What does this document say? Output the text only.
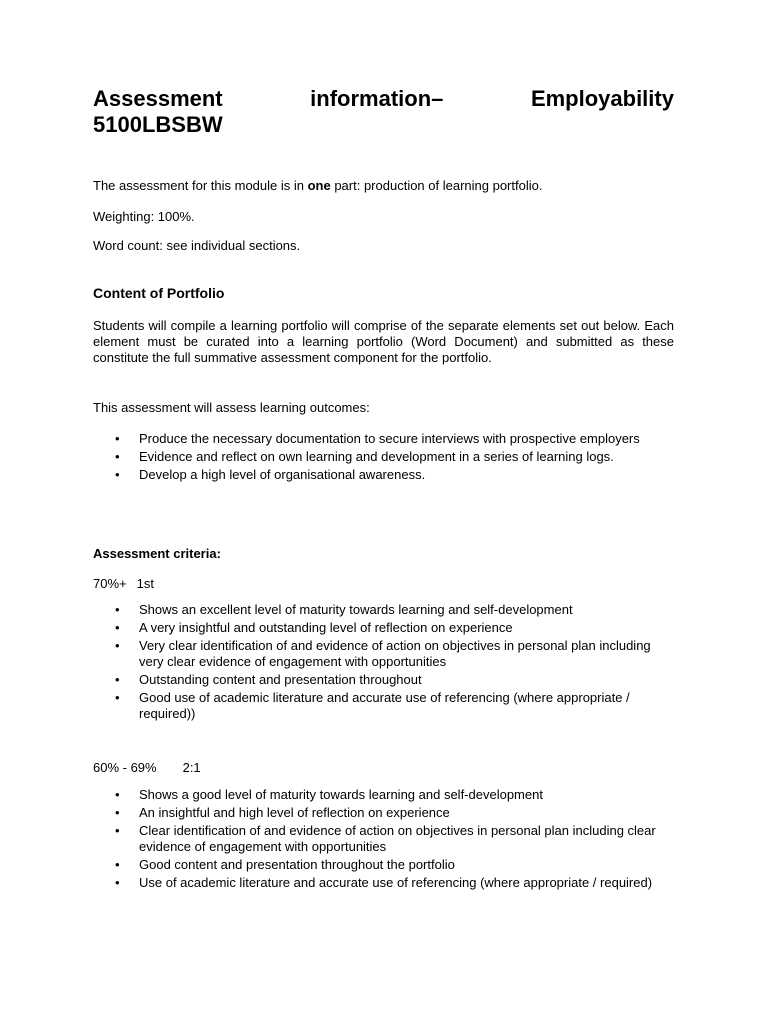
Assessment	information–	Employability
5100LBSBW

The assessment for this module is in one part: production of learning portfolio.

Weighting: 100%.

Word count: see individual sections.

Content of Portfolio

Students will compile a learning portfolio will comprise of the separate elements set out below. Each element must be curated into a learning portfolio (Word Document) and submitted as these constitute the full summative assessment component for the portfolio.

This assessment will assess learning outcomes:

• Produce the necessary documentation to secure interviews with prospective employers
• Evidence and reflect on own learning and development in a series of learning logs.
• Develop a high level of organisational awareness.

Assessment criteria:

70%+ 1st

• Shows an excellent level of maturity towards learning and self-development
• A very insightful and outstanding level of reflection on experience
• Very clear identification of and evidence of action on objectives in personal plan including very clear evidence of engagement with opportunities
• Outstanding content and presentation throughout
• Good use of academic literature and accurate use of referencing (where appropriate / required))

60% - 69% 2:1

• Shows a good level of maturity towards learning and self-development
• An insightful and high level of reflection on experience
• Clear identification of and evidence of action on objectives in personal plan including clear evidence of engagement with opportunities
• Good content and presentation throughout the portfolio
• Use of academic literature and accurate use of referencing (where appropriate / required)
